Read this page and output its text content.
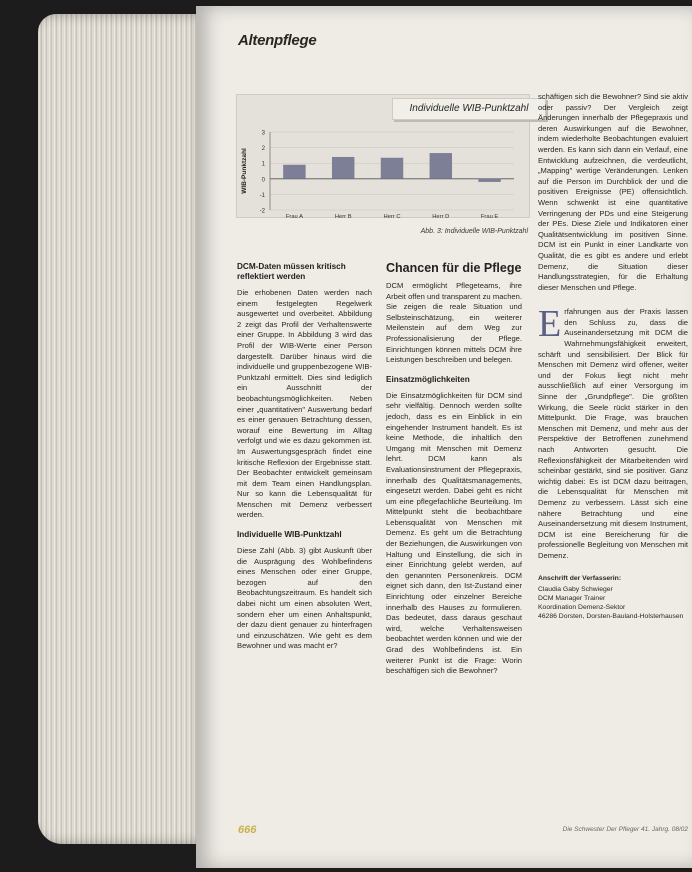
Altenpflege
Individuelle WIB-Punktzahl
3
2
1
0
-1
-2
WIB-Punktzahl
Frau A	Herr B	Herr C	Herr D	Frau E
Abb. 3: Individuelle WIB-Punktzahl
DCM-Daten müssen kritisch reflektiert werden

Die erhobenen Daten werden nach einem festgelegten Regelwerk ausgewertet und overbeitet. Abbildung 2 zeigt das Profil der Verhaltenswerte einer Gruppe. In Abbildung 3 wird das Profil der WIB-Werte einer Person dargestellt. Darüber hinaus wird die individuelle und gruppenbezogene WIB-Punktzahl ermittelt. Dies sind lediglich ein Ausschnitt der beobachtungsmöglichkeiten. Neben einer „quantitativen" Auswertung bedarf es einer genauen Betrachtung dessen, worauf eine Bewertung im Alltag verfolgt und wie es dazu gekommen ist. Im Auswertungsgespräch findet eine kritische Reflexion der Ergebnisse statt. Der Beobachter entwickelt gemeinsam mit dem Team einen Handlungsplan. Nur so kann die Lebensqualität für Menschen mit Demenz verbessert werden.

Individuelle WIB-Punktzahl

Diese Zahl (Abb. 3) gibt Auskunft über die Ausprägung des Wohlbefindens eines Menschen oder einer Gruppe, bezogen auf den Beobachtungszeitraum. Es handelt sich dabei nicht um einen absoluten Wert, sondern eher um einen Anhaltspunkt, der dazu dient genauer zu hinterfragen und einzuschätzen. Wie geht es dem Bewohner und was macht er?

Chancen für die Pflege

DCM ermöglicht Pflegeteams, ihre Arbeit offen und transparent zu machen. Sie zeigen die reale Situation und Selbsteinschätzung, ein weiterer Meilenstein auf dem Weg zur Professionalisierung der Pflege. Einrichtungen können mittels DCM ihre Leistungen beschreiben und belegen.

Einsatzmöglichkeiten

Die Einsatzmöglichkeiten für DCM sind sehr vielfältig. Dennoch werden sollte jedoch, dass es ein Einblick in ein eingehender Instrument handelt. Es ist keine Methode, die inhaltlich den Umgang mit Menschen mit Demenz lehrt. DCM kann als Evaluationsinstrument der Pflegepraxis, innerhalb des Qualitätsmanagements, eingesetzt werden. Dabei geht es nicht um eine pflegefachliche Beurteilung. Im Mittelpunkt steht die beobachtbare Lebensqualität von Menschen mit Demenz. Es geht um die Betrachtung der Beziehungen, die Auswirkungen von Haltung und Einstellung, die sich in einer Einrichtung gelebt werden, auf den genannten Personenkreis. DCM eignet sich dann, den Ist-Zustand einer Einrichtung oder einzelner Bereiche innerhalb des Hauses zu formulieren. Das bedeutet, dass daraus geschaut wird, welche Verhaltensweisen beobachtet werden können und wie der Grad des Wohlbefindens ist. Ein weiterer Punkt ist die Frage: Worin beschäftigen sich die Bewohner?

schäftigen sich die Bewohner? Sind sie aktiv oder passiv? Der Vergleich zeigt Änderungen innerhalb der Pflegepraxis und deren Auswirkungen auf die Bewohner, indem wiederholte Beobachtungen evaluiert werden. Es kann sich dann ein Verlauf, eine Entwicklung aufzeichnen, die verdeutlicht, „Mapping" wertige Veränderungen. Lenken auf die Person im Durchblick der und die positiven Ereignisse (PE) offensichtlich. Wenn schwenkt ist eine quantitative Verringerung der PDs und eine Steigerung der PEs. Diese Ziele und Indikatoren einer Qualitätsentwicklung im positiven Sinne. DCM ist ein Punkt in einer Landkarte von Qualität, die es gibt es andere und erlebt Demenz, die Situation dieser Handlungsstrategien, für die Erhaltung dieser Menschen und Pflege.

Erfahrungen aus der Praxis lassen den Schluss zu, dass die Auseinandersetzung mit DCM die Wahrnehmungsfähigkeit erweitert, schärft und sensibilisiert. Der Blick für Menschen mit Demenz wird offener, weiter und der Fokus liegt nicht mehr ausschließlich auf einer Versorgung im Sinne der „Grundpflege". Die größten Wirkung, die Seele rückt stärker in den Mittelpunkt. Die Frage, was brauchen Menschen mit Demenz, und mehr aus der Perspektive der Betroffenen zunehmend nach Antworten gesucht. Die Reflexionsfähigkeit der Mitarbeitenden wird scheinbar gestärkt, sind sie positiver. Ganz wichtig dabei: Es ist DCM dazu beitragen, die Lebensqualität für Menschen mit Demenz zu verbessern. Lässt sich eine nähere Betrachtung und eine Auseinandersetzung mit diesem Instrument, DCM ist eine Bereicherung für die professionelle Begleitung von Menschen mit Demenz.

Anschrift der Verfasserin:
Claudia Gaby Schwieger
DCM Manager Trainer
Koordination Demenz-Sektor
46286 Dorsten, Dorsten-Bauland-Holsterhausen
666	Die Schwester Der Pfleger 41. Jahrg. 08/02
